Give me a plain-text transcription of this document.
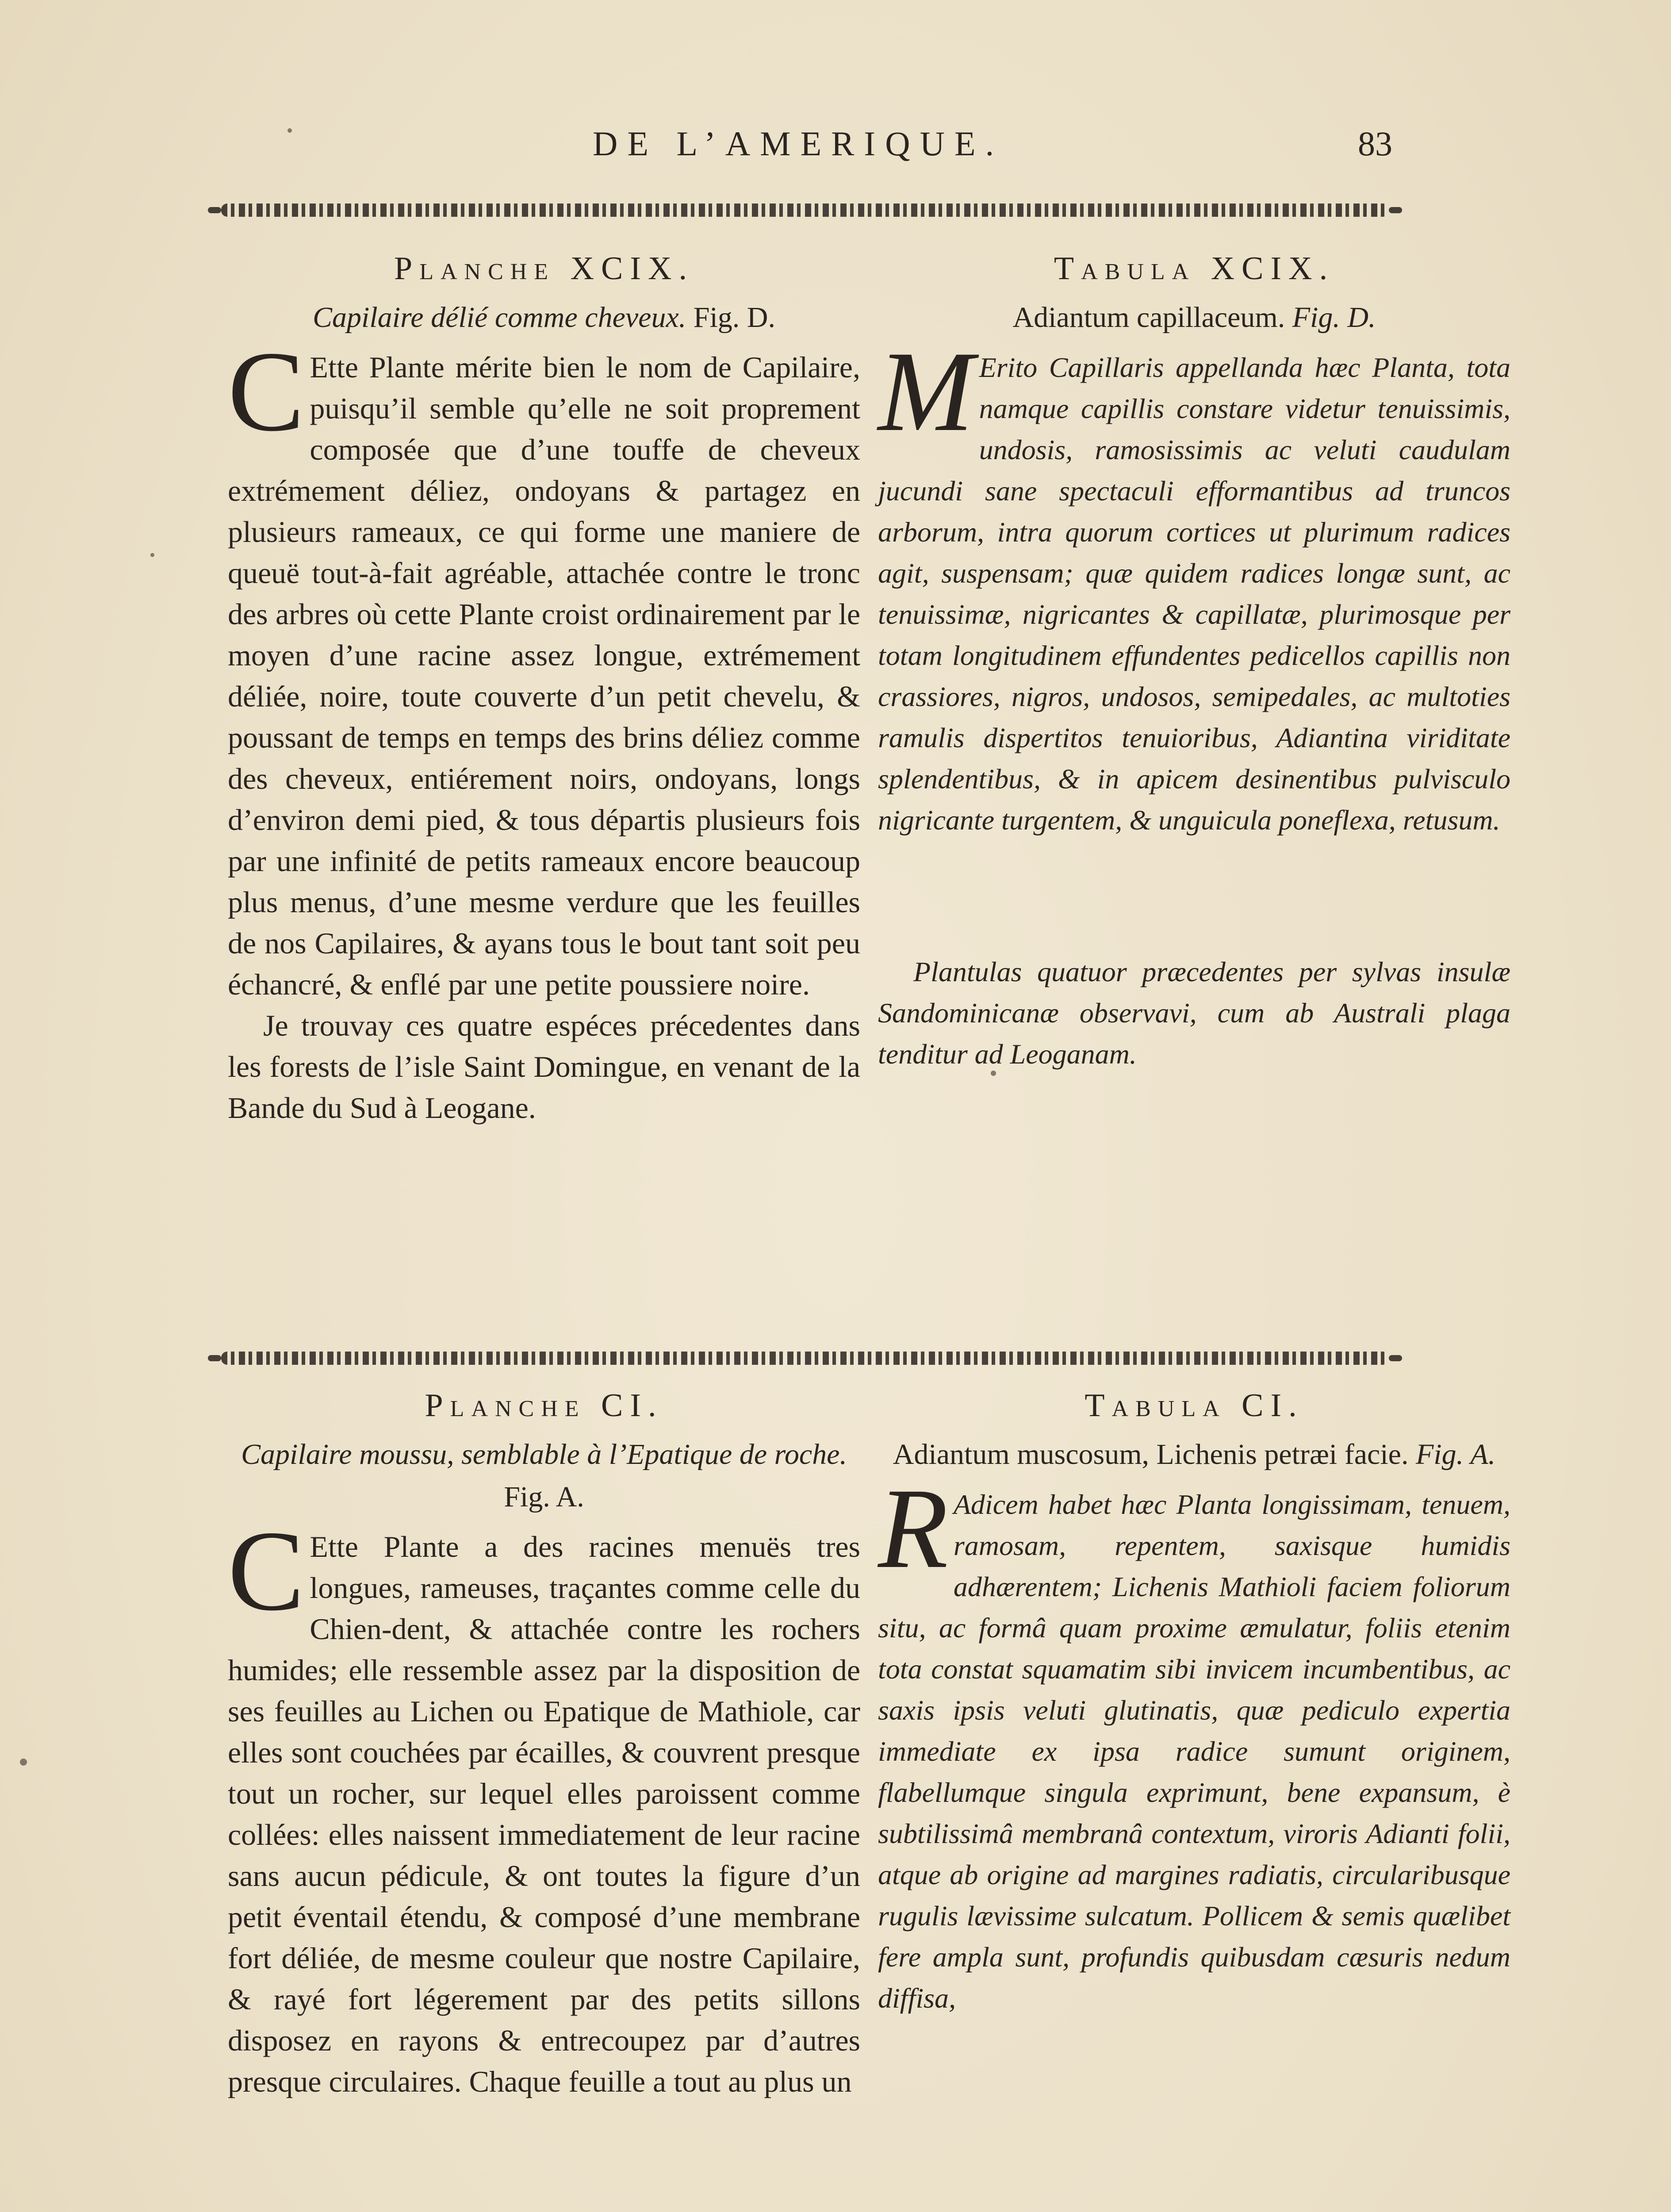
DE L’AMERIQUE.	83

Planche XCIX.

Capilaire délié comme cheveux. Fig. D.

C Ette Plante mérite bien le nom de Capilaire, puisqu’il semble qu’elle ne soit proprement composée que d’une touffe de cheveux extrémement déliez, ondoyans & partagez en plusieurs rameaux, ce qui forme une maniere de queuë tout-à-fait agréable, attachée contre le tronc des arbres où cette Plante croist ordinairement par le moyen d’une racine assez longue, extrémement déliée, noire, toute couverte d’un petit chevelu, & poussant de temps en temps des brins déliez comme des cheveux, entiérement noirs, ondoyans, longs d’environ demi pied, & tous départis plusieurs fois par une infinité de petits rameaux encore beaucoup plus menus, d’une mesme verdure que les feuilles de nos Capilaires, & ayans tous le bout tant soit peu échancré, & enflé par une petite poussiere noire.

Je trouvay ces quatre espéces précedentes dans les forests de l’isle Saint Domingue, en venant de la Bande du Sud à Leogane.

Tabula XCIX.

Adiantum capillaceum. Fig. D.

M Erito Capillaris appellanda hæc Planta, tota namque capillis constare videtur tenuissimis, undosis, ramosissimis ac veluti caudulam jucundi sane spectaculi efformantibus ad truncos arborum, intra quorum cortices ut plurimum radices agit, suspensam; quæ quidem radices longæ sunt, ac tenuissimæ, nigricantes & capillatæ, plurimosque per totam longitudinem effundentes pedicellos capillis non crassiores, nigros, undosos, semipedales, ac multoties ramulis dispertitos tenuioribus, Adiantina viriditate splendentibus, & in apicem desinentibus pulvisculo nigricante turgentem, & unguicula poneflexa, retusum.

Plantulas quatuor præcedentes per sylvas insulæ Sandominicanæ observavi, cum ab Australi plaga tenditur ad Leoganam.

Planche CI.

Capilaire moussu, semblable à l’Epatique de roche. Fig. A.

C Ette Plante a des racines menuës tres longues, rameuses, traçantes comme celle du Chien-dent, & attachée contre les rochers humides; elle ressemble assez par la disposition de ses feuilles au Lichen ou Epatique de Mathiole, car elles sont couchées par écailles, & couvrent presque tout un rocher, sur lequel elles paroissent comme collées: elles naissent immediatement de leur racine sans aucun pédicule, & ont toutes la figure d’un petit éventail étendu, & composé d’une membrane fort déliée, de mesme couleur que nostre Capilaire, & rayé fort légerement par des petits sillons disposez en rayons & entrecoupez par d’autres presque circulaires. Chaque feuille a tout au plus un

Tabula CI.

Adiantum muscosum, Lichenis petræi facie. Fig. A.

R Adicem habet hæc Planta longissimam, tenuem, ramosam, repentem, saxisque humidis adhærentem; Lichenis Mathioli faciem foliorum situ, ac formâ quam proxime æmulatur, foliis etenim tota constat squamatim sibi invicem incumbentibus, ac saxis ipsis veluti glutinatis, quæ pediculo expertia immediate ex ipsa radice sumunt originem, flabellumque singula exprimunt, bene expansum, è subtilissimâ membranâ contextum, viroris Adianti folii, atque ab origine ad margines radiatis, circularibusque rugulis lævissime sulcatum. Pollicem & semis quælibet fere ampla sunt, profundis quibusdam cæsuris nedum diffisa,
